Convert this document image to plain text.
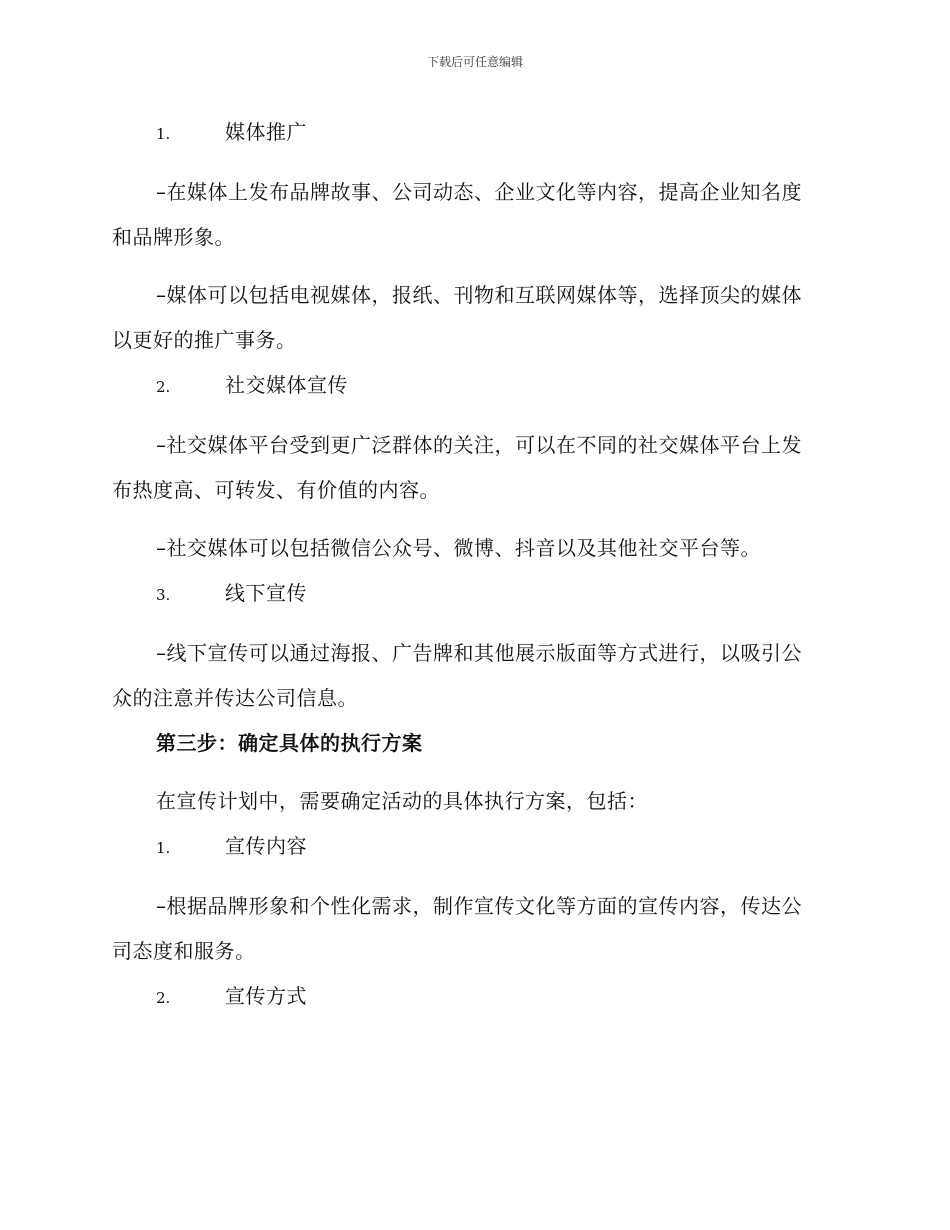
下载后可任意编辑
1.	媒体推广

–在媒体上发布品牌故事、公司动态、企业文化等内容，提高企业知名度和品牌形象。

–媒体可以包括电视媒体，报纸、刊物和互联网媒体等，选择顶尖的媒体以更好的推广事务。

2.	社交媒体宣传

–社交媒体平台受到更广泛群体的关注，可以在不同的社交媒体平台上发布热度高、可转发、有价值的内容。

–社交媒体可以包括微信公众号、微博、抖音以及其他社交平台等。

3.	线下宣传

–线下宣传可以通过海报、广告牌和其他展示版面等方式进行，以吸引公众的注意并传达公司信息。

第三步：确定具体的执行方案

在宣传计划中，需要确定活动的具体执行方案，包括：

1.	宣传内容

–根据品牌形象和个性化需求，制作宣传文化等方面的宣传内容，传达公司态度和服务。

2.	宣传方式
